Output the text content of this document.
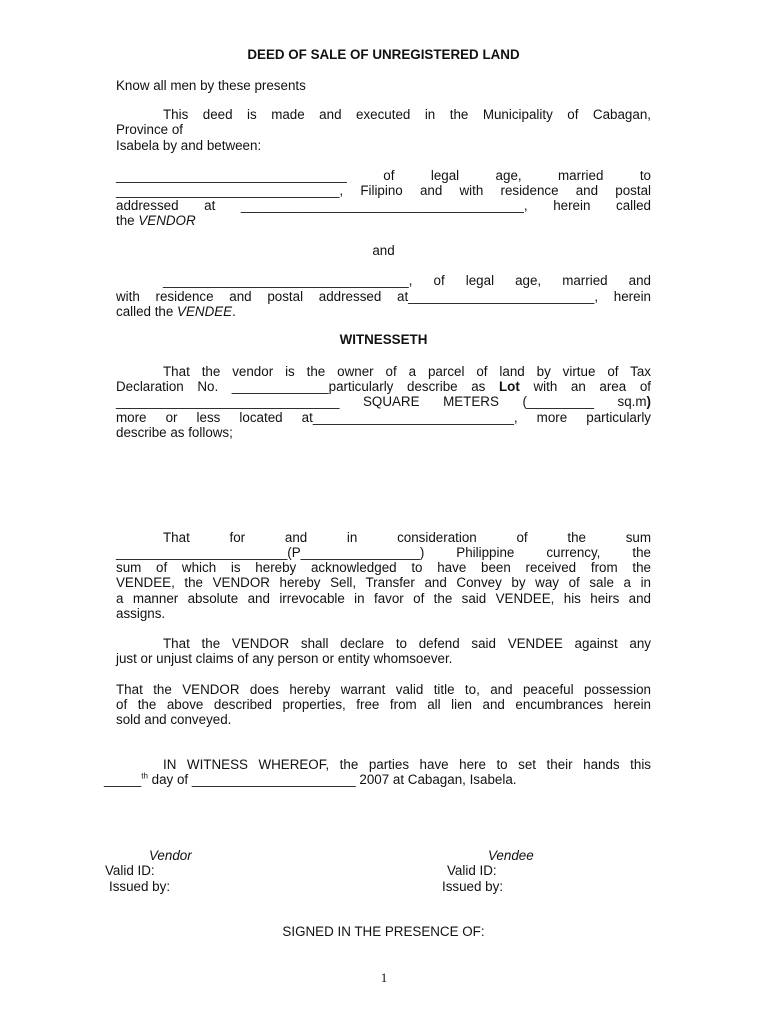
DEED OF SALE OF UNREGISTERED LAND
Know all men by these presents
This deed is made and executed in the Municipality of Cabagan,
Province of
Isabela by and between:
_______________________________ of legal age, married to
______________________________, Filipino and with residence and postal
addressed at ______________________________________, herein called
the VENDOR
and
_________________________________, of legal age, married and
with residence and postal addressed at_________________________, herein
called the VENDEE.
WITNESSETH
That the vendor is the owner of a parcel of land by virtue of Tax
Declaration No. _____________particularly describe as Lot with an area of
______________________________ SQUARE METERS (_________ sq.m)
more or less located at___________________________, more particularly
describe as follows;
That for and in consideration of the sum
_______________________(P________________) Philippine currency, the
sum of which is hereby acknowledged to have been received from the
VENDEE, the VENDOR hereby Sell, Transfer and Convey by way of sale a in
a manner absolute and irrevocable in favor of the said VENDEE, his heirs and
assigns.
That the VENDOR shall declare to defend said VENDEE against any
just or unjust claims of any person or entity whomsoever.
That the VENDOR does hereby warrant valid title to, and peaceful possession
of the above described properties, free from all lien and encumbrances herein
sold and conveyed.
IN WITNESS WHEREOF, the parties have here to set their hands this
_____$^{th}$ day of ______________________ 2007 at Cabagan, Isabela.
Vendor
Valid ID:
Issued by:
Vendee
Valid ID:
Issued by:
SIGNED IN THE PRESENCE OF:
1
